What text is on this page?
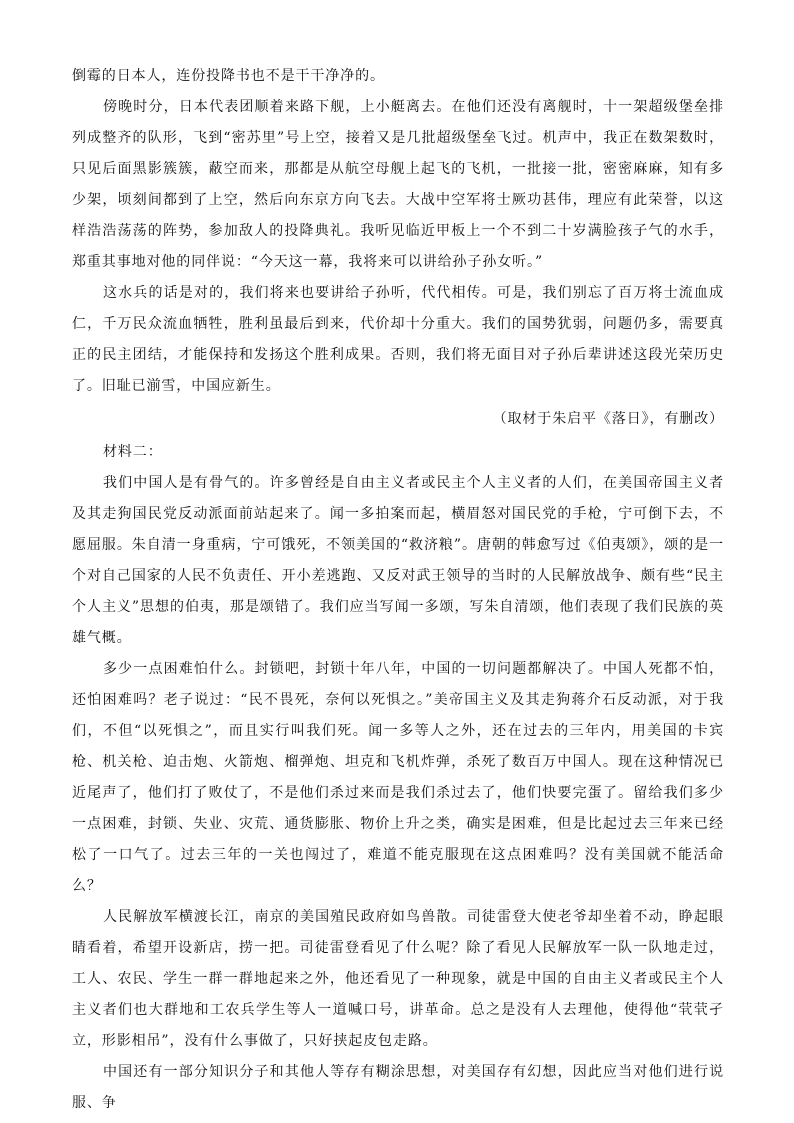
倒霉的日本人，连份投降书也不是干干净净的。

傍晚时分，日本代表团顺着来路下舰，上小艇离去。在他们还没有离舰时，十一架超级堡垒排列成整齐的队形，飞到“密苏里”号上空，接着又是几批超级堡垒飞过。机声中，我正在数架数时，只见后面黑影簇簇，蔽空而来，那都是从航空母舰上起飞的飞机，一批接一批，密密麻麻，知有多少架，顷刻间都到了上空，然后向东京方向飞去。大战中空军将士厥功甚伟，理应有此荣誉，以这样浩浩荡荡的阵势，参加敌人的投降典礼。我听见临近甲板上一个不到二十岁满脸孩子气的水手，郑重其事地对他的同伴说：“今天这一幕，我将来可以讲给孙子孙女听。”

这水兵的话是对的，我们将来也要讲给子孙听，代代相传。可是，我们别忘了百万将士流血成仁，千万民众流血牺牲，胜利虽最后到来，代价却十分重大。我们的国势犹弱，问题仍多，需要真正的民主团结，才能保持和发扬这个胜利成果。否则，我们将无面目对子孙后辈讲述这段光荣历史了。旧耻已湔雪，中国应新生。

（取材于朱启平《落日》，有删改）

材料二：

我们中国人是有骨气的。许多曾经是自由主义者或民主个人主义者的人们，在美国帝国主义者及其走狗国民党反动派面前站起来了。闻一多拍案而起，横眉怒对国民党的手枪，宁可倒下去，不愿屈服。朱自清一身重病，宁可饿死，不领美国的“救济粮”。唐朝的韩愈写过《伯夷颂》，颂的是一个对自己国家的人民不负责任、开小差逃跑、又反对武王领导的当时的人民解放战争、颇有些“民主个人主义”思想的伯夷，那是颂错了。我们应当写闻一多颂，写朱自清颂，他们表现了我们民族的英雄气概。

多少一点困难怕什么。封锁吧，封锁十年八年，中国的一切问题都解决了。中国人死都不怕，还怕困难吗？老子说过：“民不畏死，奈何以死惧之。”美帝国主义及其走狗蒋介石反动派，对于我们，不但“以死惧之”，而且实行叫我们死。闻一多等人之外，还在过去的三年内，用美国的卡宾枪、机关枪、迫击炮、火箭炮、榴弹炮、坦克和飞机炸弹，杀死了数百万中国人。现在这种情况已近尾声了，他们打了败仗了，不是他们杀过来而是我们杀过去了，他们快要完蛋了。留给我们多少一点困难，封锁、失业、灾荒、通货膨胀、物价上升之类，确实是困难，但是比起过去三年来已经松了一口气了。过去三年的一关也闯过了，难道不能克服现在这点困难吗？没有美国就不能活命么？

人民解放军横渡长江，南京的美国殖民政府如鸟兽散。司徒雷登大使老爷却坐着不动，睁起眼睛看着，希望开设新店，捞一把。司徒雷登看见了什么呢？除了看见人民解放军一队一队地走过，工人、农民、学生一群一群地起来之外，他还看见了一种现象，就是中国的自由主义者或民主个人主义者们也大群地和工农兵学生等人一道喊口号，讲革命。总之是没有人去理他，使得他“茕茕孑立，形影相吊”，没有什么事做了，只好挟起皮包走路。

中国还有一部分知识分子和其他人等存有糊涂思想，对美国存有幻想，因此应当对他们进行说服、争
